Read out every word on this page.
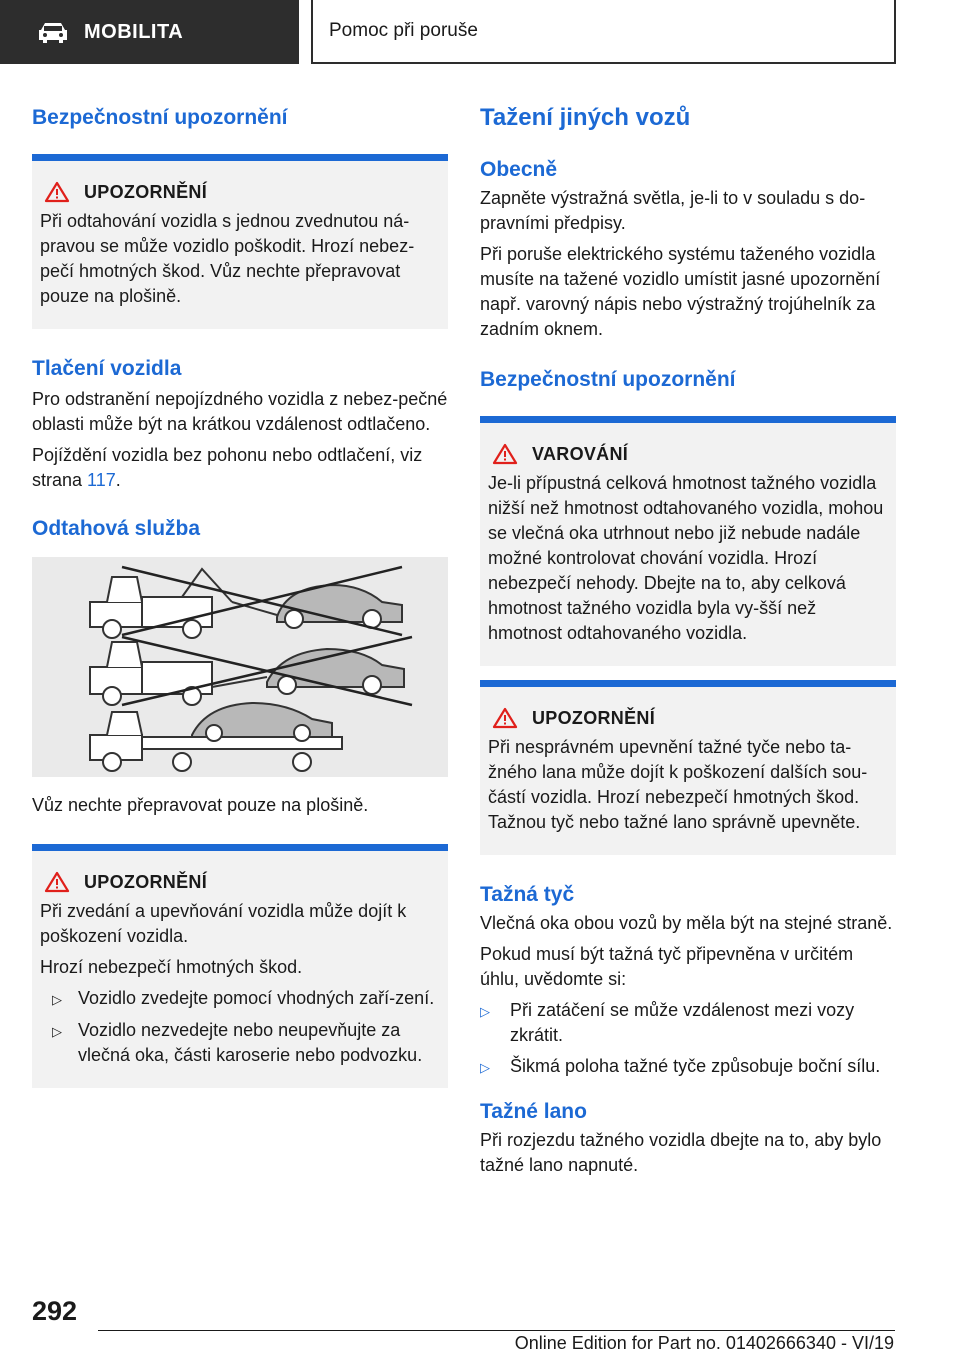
MOBILITA	Pomoc při poruše
Bezpečnostní upozornění
UPOZORNĚNÍ

Při odtahování vozidla s jednou zvednutou ná-pravou se může vozidlo poškodit. Hrozí nebez-pečí hmotných škod. Vůz nechte přepravovat pouze na plošině.

Tlačení vozidla

Pro odstranění nepojízdného vozidla z nebez-pečné oblasti může být na krátkou vzdálenost odtlačeno.

Pojíždění vozidla bez pohonu nebo odtlačení, viz strana 117.

Odtahová služba

Vůz nechte přepravovat pouze na plošině.

UPOZORNĚNÍ

Při zvedání a upevňování vozidla může dojít k poškození vozidla.

Hrozí nebezpečí hmotných škod.

▷ Vozidlo zvedejte pomocí vhodných zaří-zení.
▷ Vozidlo nezvedejte nebo neupevňujte za vlečná oka, části karoserie nebo podvozku.
Tažení jiných vozů
Obecně

Zapněte výstražná světla, je-li to v souladu s do-pravními předpisy.

Při poruše elektrického systému taženého vozidla musíte na tažené vozidlo umístit jasné upozornění např. varovný nápis nebo výstražný trojúhelník za zadním oknem.

Bezpečnostní upozornění
VAROVÁNÍ

Je-li přípustná celková hmotnost tažného vozidla nižší než hmotnost odtahovaného vozidla, mohou se vlečná oka utrhnout nebo již nebude nadále možné kontrolovat chování vozidla. Hrozí nebezpečí nehody. Dbejte na to, aby celková hmotnost tažného vozidla byla vy-šší než hmotnost odtahovaného vozidla.

UPOZORNĚNÍ

Při nesprávném upevnění tažné tyče nebo ta-žného lana může dojít k poškození dalších sou-částí vozidla. Hrozí nebezpečí hmotných škod. Tažnou tyč nebo tažné lano správně upevněte.

Tažná tyč

Vlečná oka obou vozů by měla být na stejné straně.

Pokud musí být tažná tyč připevněna v určitém úhlu, uvědomte si:

▷	Při zatáčení se může vzdálenost mezi vozy zkrátit.
▷	Šikmá poloha tažné tyče způsobuje boční sílu.
Tažné lano

Při rozjezdu tažného vozidla dbejte na to, aby bylo tažné lano napnuté.

292
Online Edition for Part no. 01402666340 - VI/19
